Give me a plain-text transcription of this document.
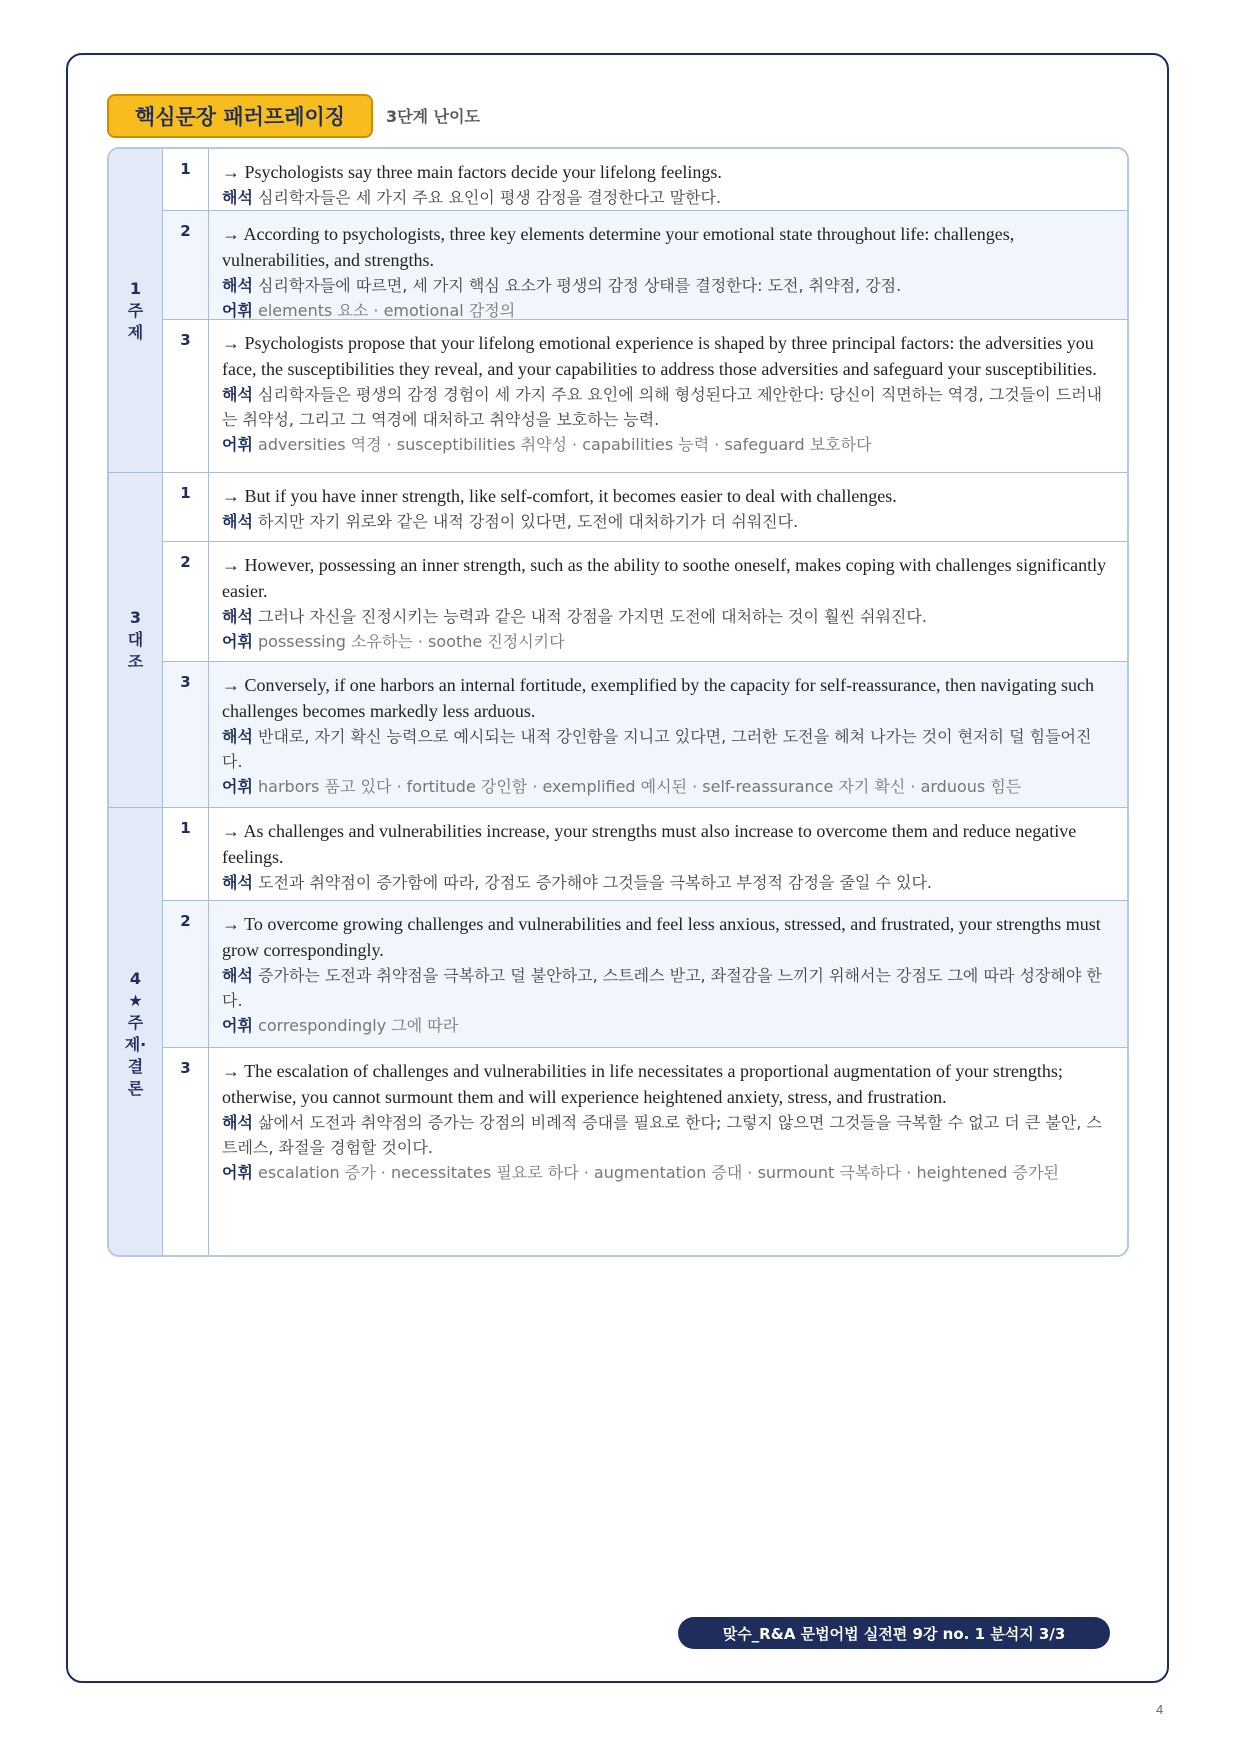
핵심문장 패러프레이징	3단계 난이도
1
주
제
1	→ Psychologists say three main factors decide your lifelong feelings.
해석 심리학자들은 세 가지 주요 요인이 평생 감정을 결정한다고 말한다.
2	→ According to psychologists, three key elements determine your emotional state throughout life: challenges, vulnerabilities, and strengths.
해석 심리학자들에 따르면, 세 가지 핵심 요소가 평생의 감정 상태를 결정한다: 도전, 취약점, 강점.
어휘 elements 요소 · emotional 감정의
3	→ Psychologists propose that your lifelong emotional experience is shaped by three principal factors: the adversities you face, the susceptibilities they reveal, and your capabilities to address those adversities and safeguard your susceptibilities.
해석 심리학자들은 평생의 감정 경험이 세 가지 주요 요인에 의해 형성된다고 제안한다: 당신이 직면하는 역경, 그것들이 드러내는 취약성, 그리고 그 역경에 대처하고 취약성을 보호하는 능력.
어휘 adversities 역경 · susceptibilities 취약성 · capabilities 능력 · safeguard 보호하다
3
대
조
1	→ But if you have inner strength, like self-comfort, it becomes easier to deal with challenges.
해석 하지만 자기 위로와 같은 내적 강점이 있다면, 도전에 대처하기가 더 쉬워진다.
2	→ However, possessing an inner strength, such as the ability to soothe oneself, makes coping with challenges significantly easier.
해석 그러나 자신을 진정시키는 능력과 같은 내적 강점을 가지면 도전에 대처하는 것이 훨씬 쉬워진다.
어휘 possessing 소유하는 · soothe 진정시키다
3	→ Conversely, if one harbors an internal fortitude, exemplified by the capacity for self-reassurance, then navigating such challenges becomes markedly less arduous.
해석 반대로, 자기 확신 능력으로 예시되는 내적 강인함을 지니고 있다면, 그러한 도전을 헤쳐 나가는 것이 현저히 덜 힘들어진다.
어휘 harbors 품고 있다 · fortitude 강인함 · exemplified 예시된 · self-reassurance 자기 확신 · arduous 힘든
4
★
주
제·
결
론
1	→ As challenges and vulnerabilities increase, your strengths must also increase to overcome them and reduce negative feelings.
해석 도전과 취약점이 증가함에 따라, 강점도 증가해야 그것들을 극복하고 부정적 감정을 줄일 수 있다.
2	→ To overcome growing challenges and vulnerabilities and feel less anxious, stressed, and frustrated, your strengths must grow correspondingly.
해석 증가하는 도전과 취약점을 극복하고 덜 불안하고, 스트레스 받고, 좌절감을 느끼기 위해서는 강점도 그에 따라 성장해야 한다.
어휘 correspondingly 그에 따라
3	→ The escalation of challenges and vulnerabilities in life necessitates a proportional augmentation of your strengths; otherwise, you cannot surmount them and will experience heightened anxiety, stress, and frustration.
해석 삶에서 도전과 취약점의 증가는 강점의 비례적 증대를 필요로 한다; 그렇지 않으면 그것들을 극복할 수 없고 더 큰 불안, 스트레스, 좌절을 경험할 것이다.
어휘 escalation 증가 · necessitates 필요로 하다 · augmentation 증대 · surmount 극복하다 · heightened 증가된
맞수_R&A 문법어법 실전편 9강 no. 1 분석지 3/3
4
